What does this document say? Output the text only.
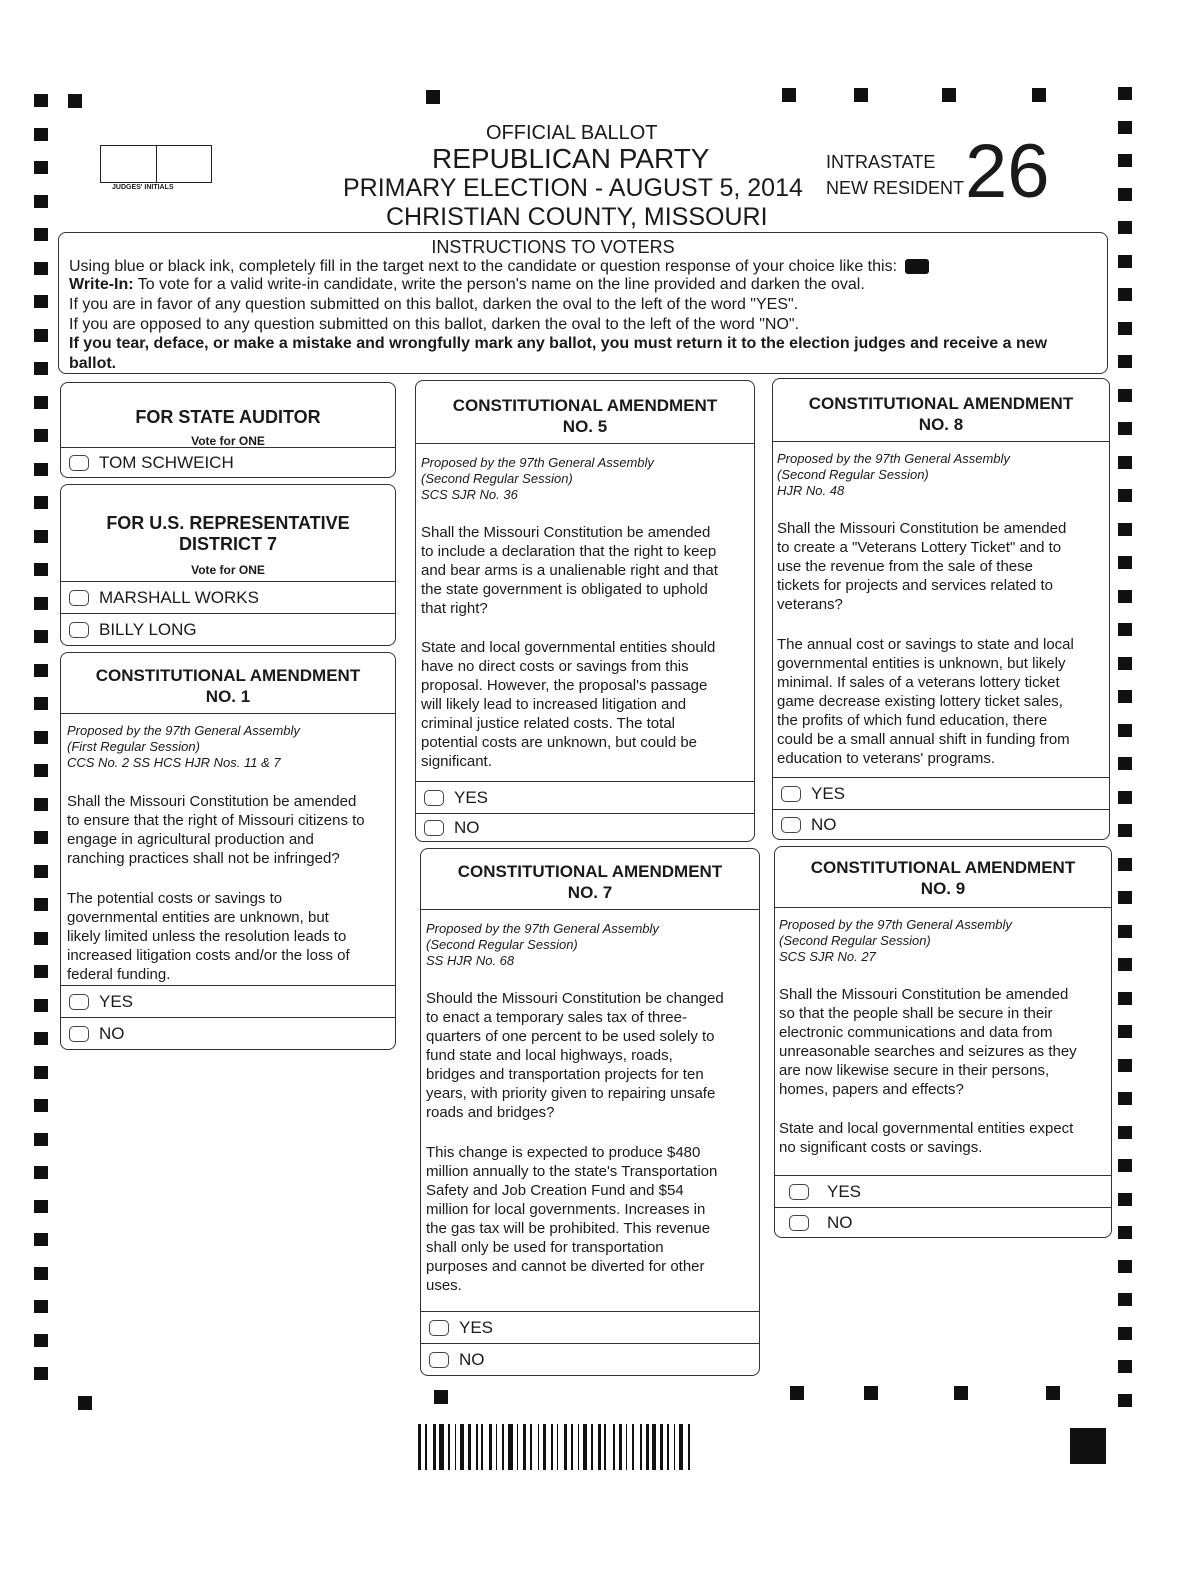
JUDGES' INITIALS
OFFICIAL BALLOT
REPUBLICAN PARTY
PRIMARY ELECTION - AUGUST 5, 2014
CHRISTIAN COUNTY, MISSOURI
INTRASTATE
NEW RESIDENT 26
INSTRUCTIONS TO VOTERS
Using blue or black ink, completely fill in the target next to the candidate or question response of your choice like this:
Write-In: To vote for a valid write-in candidate, write the person's name on the line provided and darken the oval.
If you are in favor of any question submitted on this ballot, darken the oval to the left of the word "YES".
If you are opposed to any question submitted on this ballot, darken the oval to the left of the word "NO".
If you tear, deface, or make a mistake and wrongfully mark any ballot, you must return it to the election judges and receive a new ballot.
FOR STATE AUDITOR
Vote for ONE
TOM SCHWEICH
FOR U.S. REPRESENTATIVE
DISTRICT 7
Vote for ONE
MARSHALL WORKS
BILLY LONG
CONSTITUTIONAL AMENDMENT
NO. 1
Proposed by the 97th General Assembly
(First Regular Session)
CCS No. 2 SS HCS HJR Nos. 11 & 7
Shall the Missouri Constitution be amended
to ensure that the right of Missouri citizens to
engage in agricultural production and
ranching practices shall not be infringed?
The potential costs or savings to
governmental entities are unknown, but
likely limited unless the resolution leads to
increased litigation costs and/or the loss of
federal funding.
YES
NO
CONSTITUTIONAL AMENDMENT
NO. 5
Proposed by the 97th General Assembly
(Second Regular Session)
SCS SJR No. 36
Shall the Missouri Constitution be amended
to include a declaration that the right to keep
and bear arms is a unalienable right and that
the state government is obligated to uphold
that right?
State and local governmental entities should
have no direct costs or savings from this
proposal. However, the proposal's passage
will likely lead to increased litigation and
criminal justice related costs. The total
potential costs are unknown, but could be
significant.
YES
NO
CONSTITUTIONAL AMENDMENT
NO. 7
Proposed by the 97th General Assembly
(Second Regular Session)
SS HJR No. 68
Should the Missouri Constitution be changed
to enact a temporary sales tax of three-
quarters of one percent to be used solely to
fund state and local highways, roads,
bridges and transportation projects for ten
years, with priority given to repairing unsafe
roads and bridges?
This change is expected to produce $480
million annually to the state's Transportation
Safety and Job Creation Fund and $54
million for local governments. Increases in
the gas tax will be prohibited. This revenue
shall only be used for transportation
purposes and cannot be diverted for other
uses.
YES
NO
CONSTITUTIONAL AMENDMENT
NO. 8
Proposed by the 97th General Assembly
(Second Regular Session)
HJR No. 48
Shall the Missouri Constitution be amended
to create a "Veterans Lottery Ticket" and to
use the revenue from the sale of these
tickets for projects and services related to
veterans?
The annual cost or savings to state and local
governmental entities is unknown, but likely
minimal. If sales of a veterans lottery ticket
game decrease existing lottery ticket sales,
the profits of which fund education, there
could be a small annual shift in funding from
education to veterans' programs.
YES
NO
CONSTITUTIONAL AMENDMENT
NO. 9
Proposed by the 97th General Assembly
(Second Regular Session)
SCS SJR No. 27
Shall the Missouri Constitution be amended
so that the people shall be secure in their
electronic communications and data from
unreasonable searches and seizures as they
are now likewise secure in their persons,
homes, papers and effects?
State and local governmental entities expect
no significant costs or savings.
YES
NO
